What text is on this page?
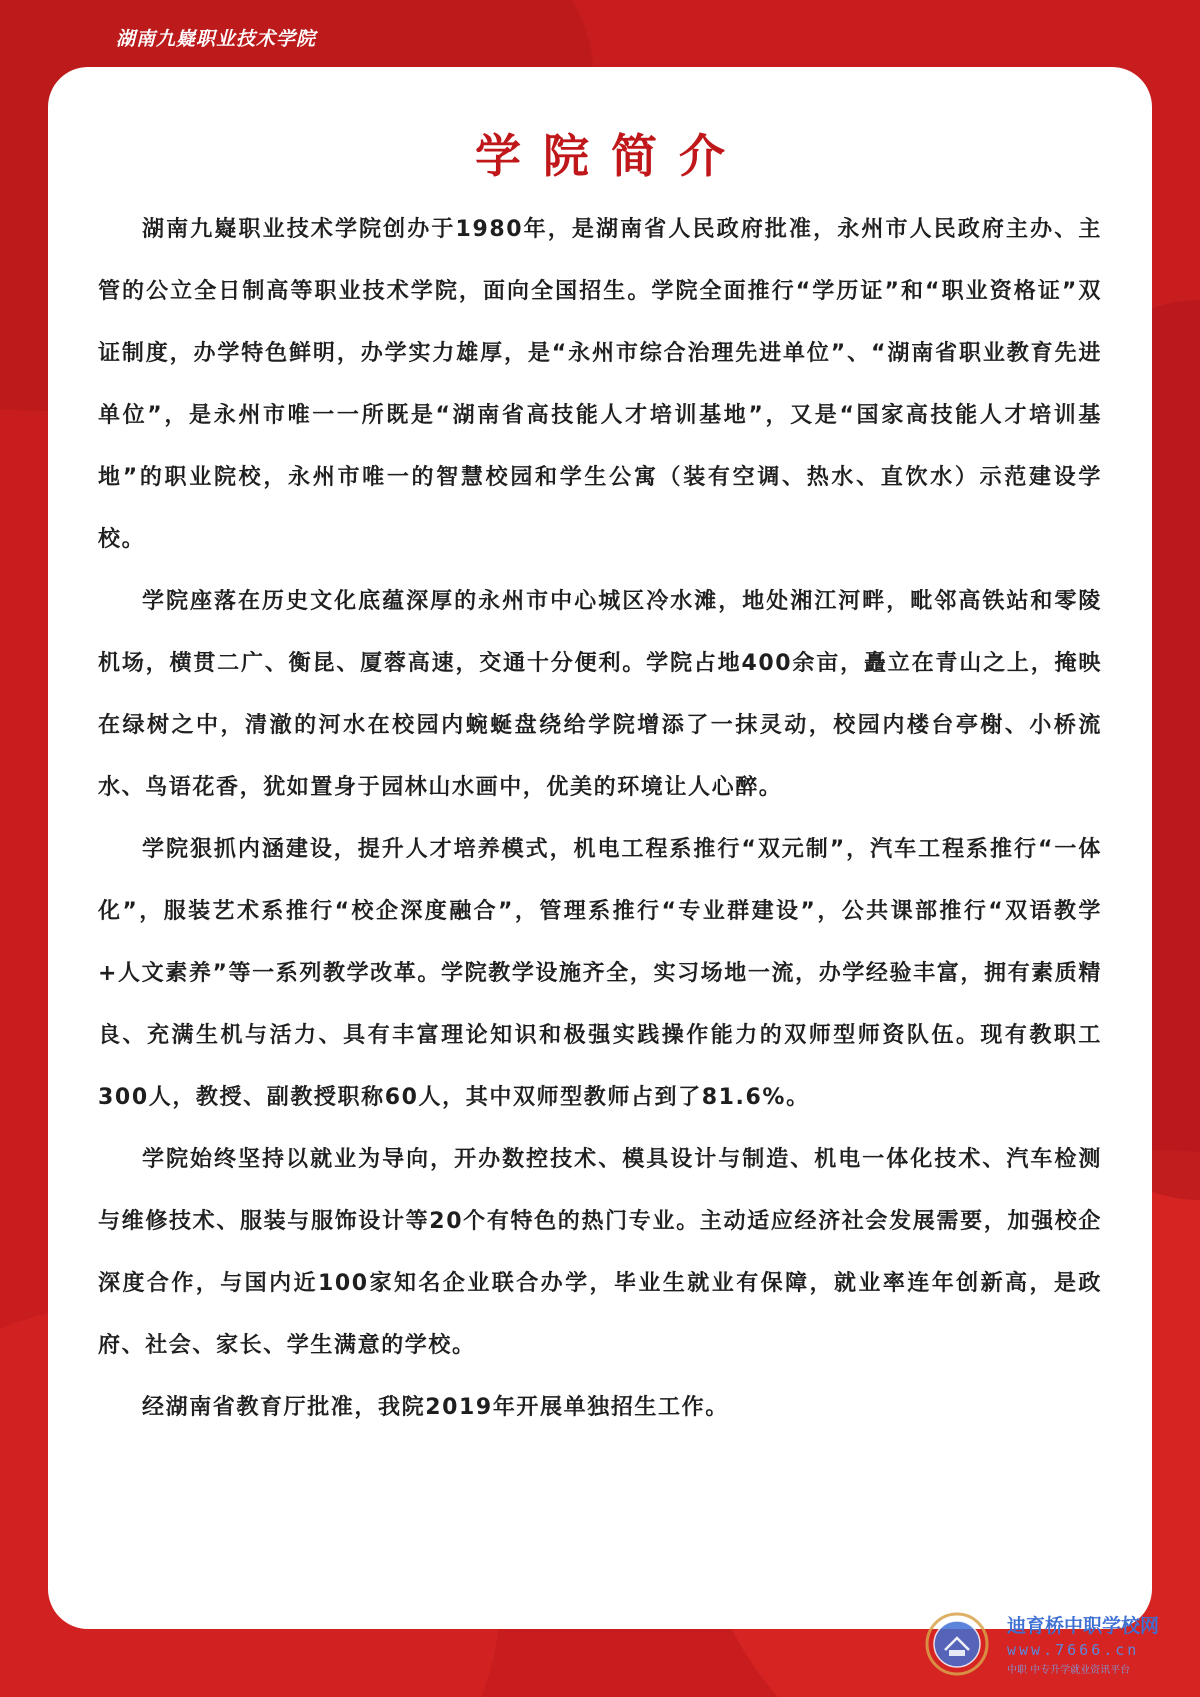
湖南九嶷职业技术学院
学院简介

湖南九嶷职业技术学院创办于1980年，是湖南省人民政府批准，永州市人民政府主办、主管的公立全日制高等职业技术学院，面向全国招生。学院全面推行“学历证”和“职业资格证”双证制度，办学特色鲜明，办学实力雄厚，是“永州市综合治理先进单位”、“湖南省职业教育先进单位”，是永州市唯一一所既是“湖南省高技能人才培训基地”，又是“国家高技能人才培训基地”的职业院校，永州市唯一的智慧校园和学生公寓（装有空调、热水、直饮水）示范建设学校。

学院座落在历史文化底蕴深厚的永州市中心城区冷水滩，地处湘江河畔，毗邻高铁站和零陵机场，横贯二广、衡昆、厦蓉高速，交通十分便利。学院占地400余亩，矗立在青山之上，掩映在绿树之中，清澈的河水在校园内蜿蜒盘绕给学院增添了一抹灵动，校园内楼台亭榭、小桥流水、鸟语花香，犹如置身于园林山水画中，优美的环境让人心醉。

学院狠抓内涵建设，提升人才培养模式，机电工程系推行“双元制”，汽车工程系推行“一体化”，服装艺术系推行“校企深度融合”，管理系推行“专业群建设”，公共课部推行“双语教学+人文素养”等一系列教学改革。学院教学设施齐全，实习场地一流，办学经验丰富，拥有素质精良、充满生机与活力、具有丰富理论知识和极强实践操作能力的双师型师资队伍。现有教职工300人，教授、副教授职称60人，其中双师型教师占到了81.6%。

学院始终坚持以就业为导向，开办数控技术、模具设计与制造、机电一体化技术、汽车检测与维修技术、服装与服饰设计等20个有特色的热门专业。主动适应经济社会发展需要，加强校企深度合作，与国内近100家知名企业联合办学，毕业生就业有保障，就业率连年创新高，是政府、社会、家长、学生满意的学校。

经湖南省教育厅批准，我院2019年开展单独招生工作。

迪育桥中职学校网
www.7666.cn
中职 中专升学就业资讯平台
